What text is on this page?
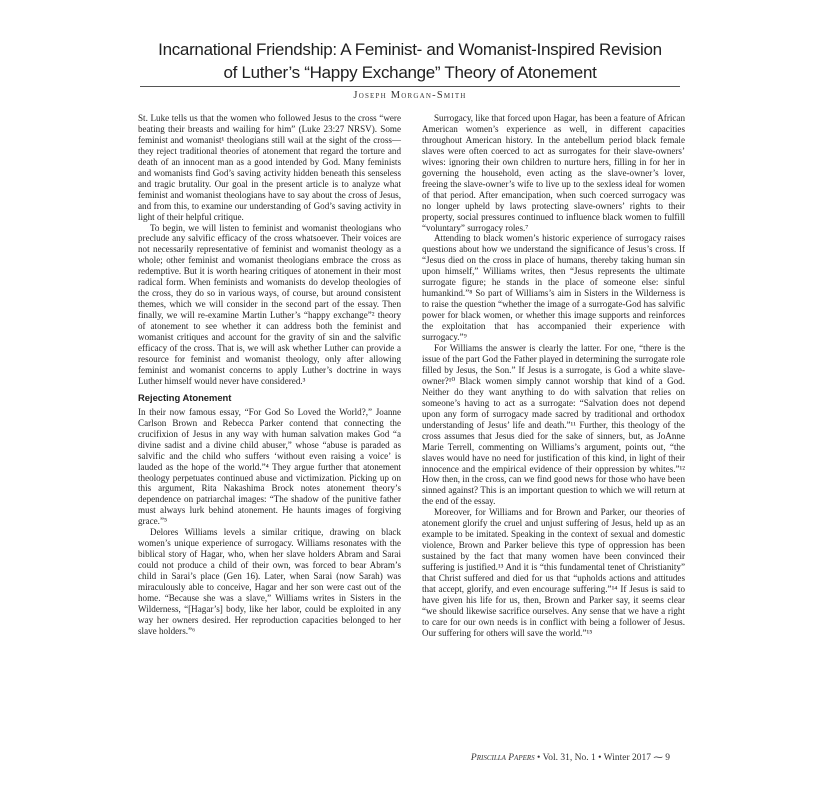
Incarnational Friendship: A Feminist- and Womanist-Inspired Revision
of Luther’s “Happy Exchange” Theory of Atonement
Joseph Morgan-Smith

St. Luke tells us that the women who followed Jesus to the cross “were beating their breasts and wailing for him” (Luke 23:27 NRSV). Some feminist and womanist¹ theologians still wail at the sight of the cross—they reject traditional theories of atonement that regard the torture and death of an innocent man as a good intended by God. Many feminists and womanists find God’s saving activity hidden beneath this senseless and tragic brutality. Our goal in the present article is to analyze what feminist and womanist theologians have to say about the cross of Jesus, and from this, to examine our understanding of God’s saving activity in light of their helpful critique.

To begin, we will listen to feminist and womanist theologians who preclude any salvific efficacy of the cross whatsoever. Their voices are not necessarily representative of feminist and womanist theology as a whole; other feminist and womanist theologians embrace the cross as redemptive. But it is worth hearing critiques of atonement in their most radical form. When feminists and womanists do develop theologies of the cross, they do so in various ways, of course, but around consistent themes, which we will consider in the second part of the essay. Then finally, we will re-examine Martin Luther’s “happy exchange”² theory of atonement to see whether it can address both the feminist and womanist critiques and account for the gravity of sin and the salvific efficacy of the cross. That is, we will ask whether Luther can provide a resource for feminist and womanist theology, only after allowing feminist and womanist concerns to apply Luther’s doctrine in ways Luther himself would never have considered.³

Rejecting Atonement

In their now famous essay, “For God So Loved the World?,” Joanne Carlson Brown and Rebecca Parker contend that connecting the crucifixion of Jesus in any way with human salvation makes God “a divine sadist and a divine child abuser,” whose “abuse is paraded as salvific and the child who suffers ‘without even raising a voice’ is lauded as the hope of the world.”⁴ They argue further that atonement theology perpetuates continued abuse and victimization. Picking up on this argument, Rita Nakashima Brock notes atonement theory’s dependence on patriarchal images: “The shadow of the punitive father must always lurk behind atonement. He haunts images of forgiving grace.”⁵

Delores Williams levels a similar critique, drawing on black women’s unique experience of surrogacy. Williams resonates with the biblical story of Hagar, who, when her slave holders Abram and Sarai could not produce a child of their own, was forced to bear Abram’s child in Sarai’s place (Gen 16). Later, when Sarai (now Sarah) was miraculously able to conceive, Hagar and her son were cast out of the home. “Because she was a slave,” Williams writes in Sisters in the Wilderness, “[Hagar’s] body, like her labor, could be exploited in any way her owners desired. Her reproduction capacities belonged to her slave holders.”⁶

Surrogacy, like that forced upon Hagar, has been a feature of African American women’s experience as well, in different capacities throughout American history. In the antebellum period black female slaves were often coerced to act as surrogates for their slave-owners’ wives: ignoring their own children to nurture hers, filling in for her in governing the household, even acting as the slave-owner’s lover, freeing the slave-owner’s wife to live up to the sexless ideal for women of that period. After emancipation, when such coerced surrogacy was no longer upheld by laws protecting slave-owners’ rights to their property, social pressures continued to influence black women to fulfill “voluntary” surrogacy roles.⁷

Attending to black women’s historic experience of surrogacy raises questions about how we understand the significance of Jesus’s cross. If “Jesus died on the cross in place of humans, thereby taking human sin upon himself,” Williams writes, then “Jesus represents the ultimate surrogate figure; he stands in the place of someone else: sinful humankind.”⁸ So part of Williams’s aim in Sisters in the Wilderness is to raise the question “whether the image of a surrogate-God has salvific power for black women, or whether this image supports and reinforces the exploitation that has accompanied their experience with surrogacy.”⁹

For Williams the answer is clearly the latter. For one, “there is the issue of the part God the Father played in determining the surrogate role filled by Jesus, the Son.” If Jesus is a surrogate, is God a white slave-owner?¹⁰ Black women simply cannot worship that kind of a God. Neither do they want anything to do with salvation that relies on someone’s having to act as a surrogate: “Salvation does not depend upon any form of surrogacy made sacred by traditional and orthodox understanding of Jesus’ life and death.”¹¹ Further, this theology of the cross assumes that Jesus died for the sake of sinners, but, as JoAnne Marie Terrell, commenting on Williams’s argument, points out, “the slaves would have no need for justification of this kind, in light of their innocence and the empirical evidence of their oppression by whites.”¹² How then, in the cross, can we find good news for those who have been sinned against? This is an important question to which we will return at the end of the essay.

Moreover, for Williams and for Brown and Parker, our theories of atonement glorify the cruel and unjust suffering of Jesus, held up as an example to be imitated. Speaking in the context of sexual and domestic violence, Brown and Parker believe this type of oppression has been sustained by the fact that many women have been convinced their suffering is justified.¹³ And it is “this fundamental tenet of Christianity” that Christ suffered and died for us that “upholds actions and attitudes that accept, glorify, and even encourage suffering.”¹⁴ If Jesus is said to have given his life for us, then, Brown and Parker say, it seems clear “we should likewise sacrifice ourselves. Any sense that we have a right to care for our own needs is in conflict with being a follower of Jesus. Our suffering for others will save the world.”¹⁵

Priscilla Papers • Vol. 31, No. 1 • Winter 2017 ⁓ 9
